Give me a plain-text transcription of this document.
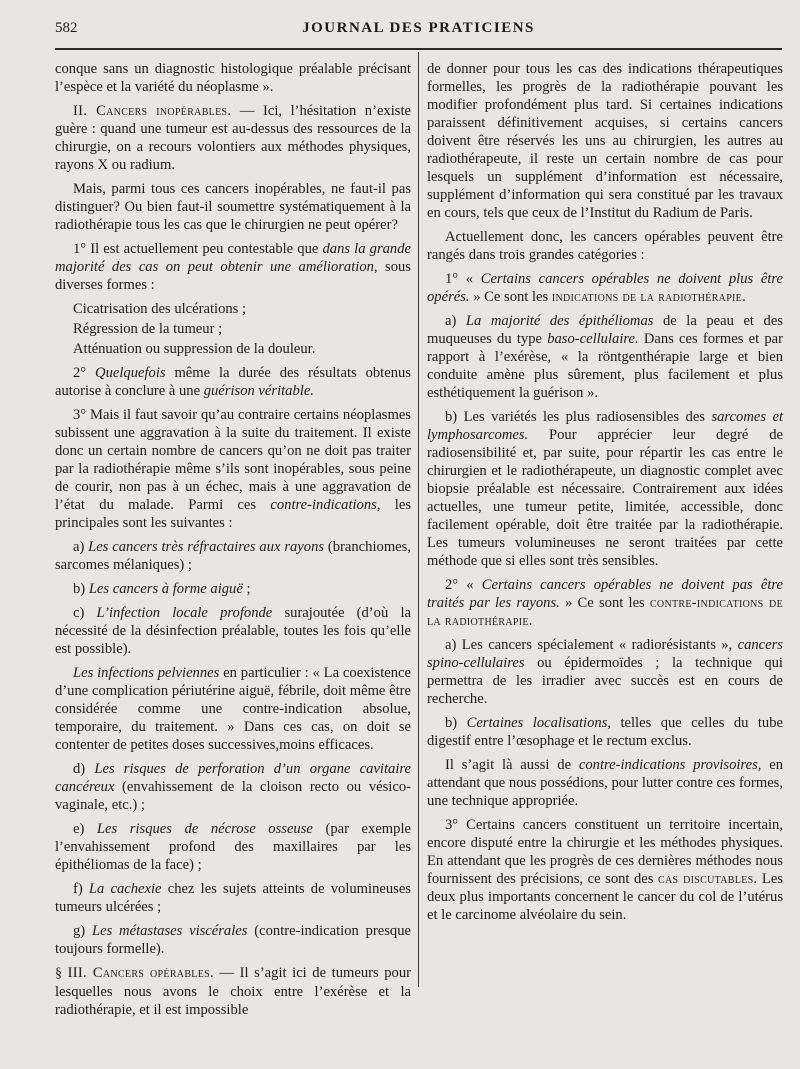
582	JOURNAL DES PRATICIENS

conque sans un diagnostic histologique préalable précisant l’espèce et la variété du néoplasme ».

II. Cancers inopérables. — Ici, l’hésitation n’existe guère : quand une tumeur est au-dessus des ressources de la chirurgie, on a recours volontiers aux méthodes physiques, rayons X ou radium.

Mais, parmi tous ces cancers inopérables, ne faut-il pas distinguer? Ou bien faut-il soumettre systématiquement à la radiothérapie tous les cas que le chirurgien ne peut opérer?

1° Il est actuellement peu contestable que dans la grande majorité des cas on peut obtenir une amélioration, sous diverses formes :

Cicatrisation des ulcérations ;

Régression de la tumeur ;

Atténuation ou suppression de la douleur.

2° Quelquefois même la durée des résultats obtenus autorise à conclure à une guérison véritable.

3° Mais il faut savoir qu’au contraire certains néoplasmes subissent une aggravation à la suite du traitement. Il existe donc un certain nombre de cancers qu’on ne doit pas traiter par la radiothérapie même s’ils sont inopérables, sous peine de courir, non pas à un échec, mais à une aggravation de l’état du malade. Parmi ces contre-indications, les principales sont les suivantes :

a) Les cancers très réfractaires aux rayons (branchiomes, sarcomes mélaniques) ;

b) Les cancers à forme aiguë ;

c) L’infection locale profonde surajoutée (d’où la nécessité de la désinfection préalable, toutes les fois qu’elle est possible).

Les infections pelviennes en particulier : « La coexistence d’une complication périutérine aiguë, fébrile, doit même être considérée comme une contre-indication absolue, temporaire, du traitement. » Dans ces cas, on doit se contenter de petites doses successives,moins efficaces.

d) Les risques de perforation d’un organe cavitaire cancéreux (envahissement de la cloison recto ou vésico-vaginale, etc.) ;

e) Les risques de nécrose osseuse (par exemple l’envahissement profond des maxillaires par les épithéliomas de la face) ;

f) La cachexie chez les sujets atteints de volumineuses tumeurs ulcérées ;

g) Les métastases viscérales (contre-indication presque toujours formelle).

§ III. Cancers opérables. — Il s’agit ici de tumeurs pour lesquelles nous avons le choix entre l’exérèse et la radiothérapie, et il est impossible

de donner pour tous les cas des indications thérapeutiques formelles, les progrès de la radiothérapie pouvant les modifier profondément plus tard. Si certaines indications paraissent définitivement acquises, si certains cancers doivent être réservés les uns au chirurgien, les autres au radiothérapeute, il reste un certain nombre de cas pour lesquels un supplément d’information est nécessaire, supplément d’information qui sera constitué par les travaux en cours, tels que ceux de l’Institut du Radium de Paris.

Actuellement donc, les cancers opérables peuvent être rangés dans trois grandes catégories :

1° « Certains cancers opérables ne doivent plus être opérés. » Ce sont les indications de la radiothérapie.

a) La majorité des épithéliomas de la peau et des muqueuses du type baso-cellulaire. Dans ces formes et par rapport à l’exérèse, « la röntgenthérapie large et bien conduite amène plus sûrement, plus facilement et plus esthétiquement la guérison ».

b) Les variétés les plus radiosensibles des sarcomes et lymphosarcomes. Pour apprécier leur degré de radiosensibilité et, par suite, pour répartir les cas entre le chirurgien et le radiothérapeute, un diagnostic complet avec biopsie préalable est nécessaire. Contrairement aux idées actuelles, une tumeur petite, limitée, accessible, donc facilement opérable, doit être traitée par la radiothérapie. Les tumeurs volumineuses ne seront traitées par cette méthode que si elles sont très sensibles.

2° « Certains cancers opérables ne doivent pas être traités par les rayons. » Ce sont les contre-indications de la radiothérapie.

a) Les cancers spécialement « radiorésistants », cancers spino-cellulaires ou épidermoïdes ; la technique qui permettra de les irradier avec succès est en cours de recherche.

b) Certaines localisations, telles que celles du tube digestif entre l’œsophage et le rectum exclus.

Il s’agit là aussi de contre-indications provisoires, en attendant que nous possédions, pour lutter contre ces formes, une technique appropriée.

3° Certains cancers constituent un territoire incertain, encore disputé entre la chirurgie et les méthodes physiques. En attendant que les progrès de ces dernières méthodes nous fournissent des précisions, ce sont des cas discutables. Les deux plus importants concernent le cancer du col de l’utérus et le carcinome alvéolaire du sein.
